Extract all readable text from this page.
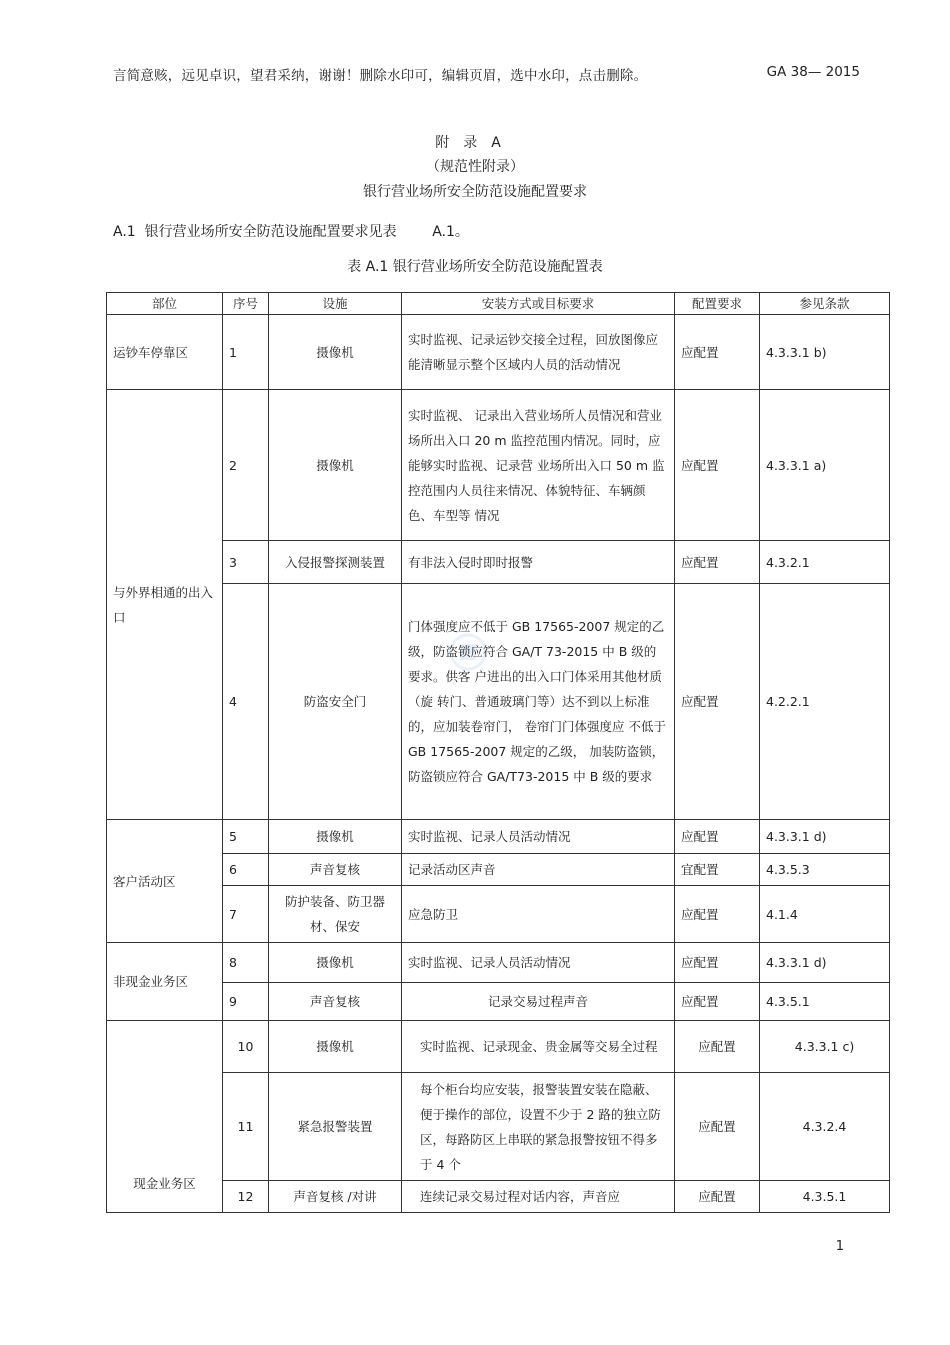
言简意赅，远见卓识，望君采纳，谢谢！删除水印可，编辑页眉，选中水印，点击删除。	GA 38— 2015
附录A
（规范性附录）
银行营业场所安全防范设施配置要求
A.1  银行营业场所安全防范设施配置要求见表        A.1。
表 A.1 银行营业场所安全防范设施配置表
部位	序号	设施	安装方式或目标要求	配置要求	参见条款
运钞车停靠区	1	摄像机	实时监视、记录运钞交接全过程，回放图像应能清晰显示整个区域内人员的活动情况	应配置	4.3.3.1 b)
与外界相通的出入口	2	摄像机	实时监视、 记录出入营业场所人员情况和营业场所出入口 20 m 监控范围内情况。同时，应能够实时监视、记录营 业场所出入口 50 m 监控范围内人员往来情况、体貌特征、车辆颜色、车型等 情况	应配置	4.3.3.1 a)
	3	入侵报警探测装置	有非法入侵时即时报警	应配置	4.3.2.1
	4	防盗安全门	门体强度应不低于 GB 17565-2007 规定的乙级，防盗锁应符合 GA/T 73-2015 中 B 级的要求。供客 户进出的出入口门体采用其他材质（旋 转门、普通玻璃门等）达不到以上标准 的，应加装卷帘门， 卷帘门门体强度应 不低于 GB 17565-2007 规定的乙级， 加装防盗锁， 防盗锁应符合 GA/T73-2015 中 B 级的要求	应配置	4.2.2.1
客户活动区	5	摄像机	实时监视、记录人员活动情况	应配置	4.3.3.1 d)
	6	声音复核	记录活动区声音	宜配置	4.3.5.3
	7	防护装备、防卫器材、保安	应急防卫	应配置	4.1.4
非现金业务区	8	摄像机	实时监视、记录人员活动情况	应配置	4.3.3.1 d)
	9	声音复核	记录交易过程声音	应配置	4.3.5.1
现金业务区	10	摄像机	实时监视、记录现金、贵金属等交易全过程	应配置	4.3.3.1 c)
	11	紧急报警装置	每个柜台均应安装，报警装置安装在隐蔽、便于操作的部位，设置不少于 2 路的独立防区，每路防区上串联的紧急报警按钮不得多于 4 个	应配置	4.3.2.4
	12	声音复核 /对讲	连续记录交易过程对话内容，声音应	应配置	4.3.5.1
1
